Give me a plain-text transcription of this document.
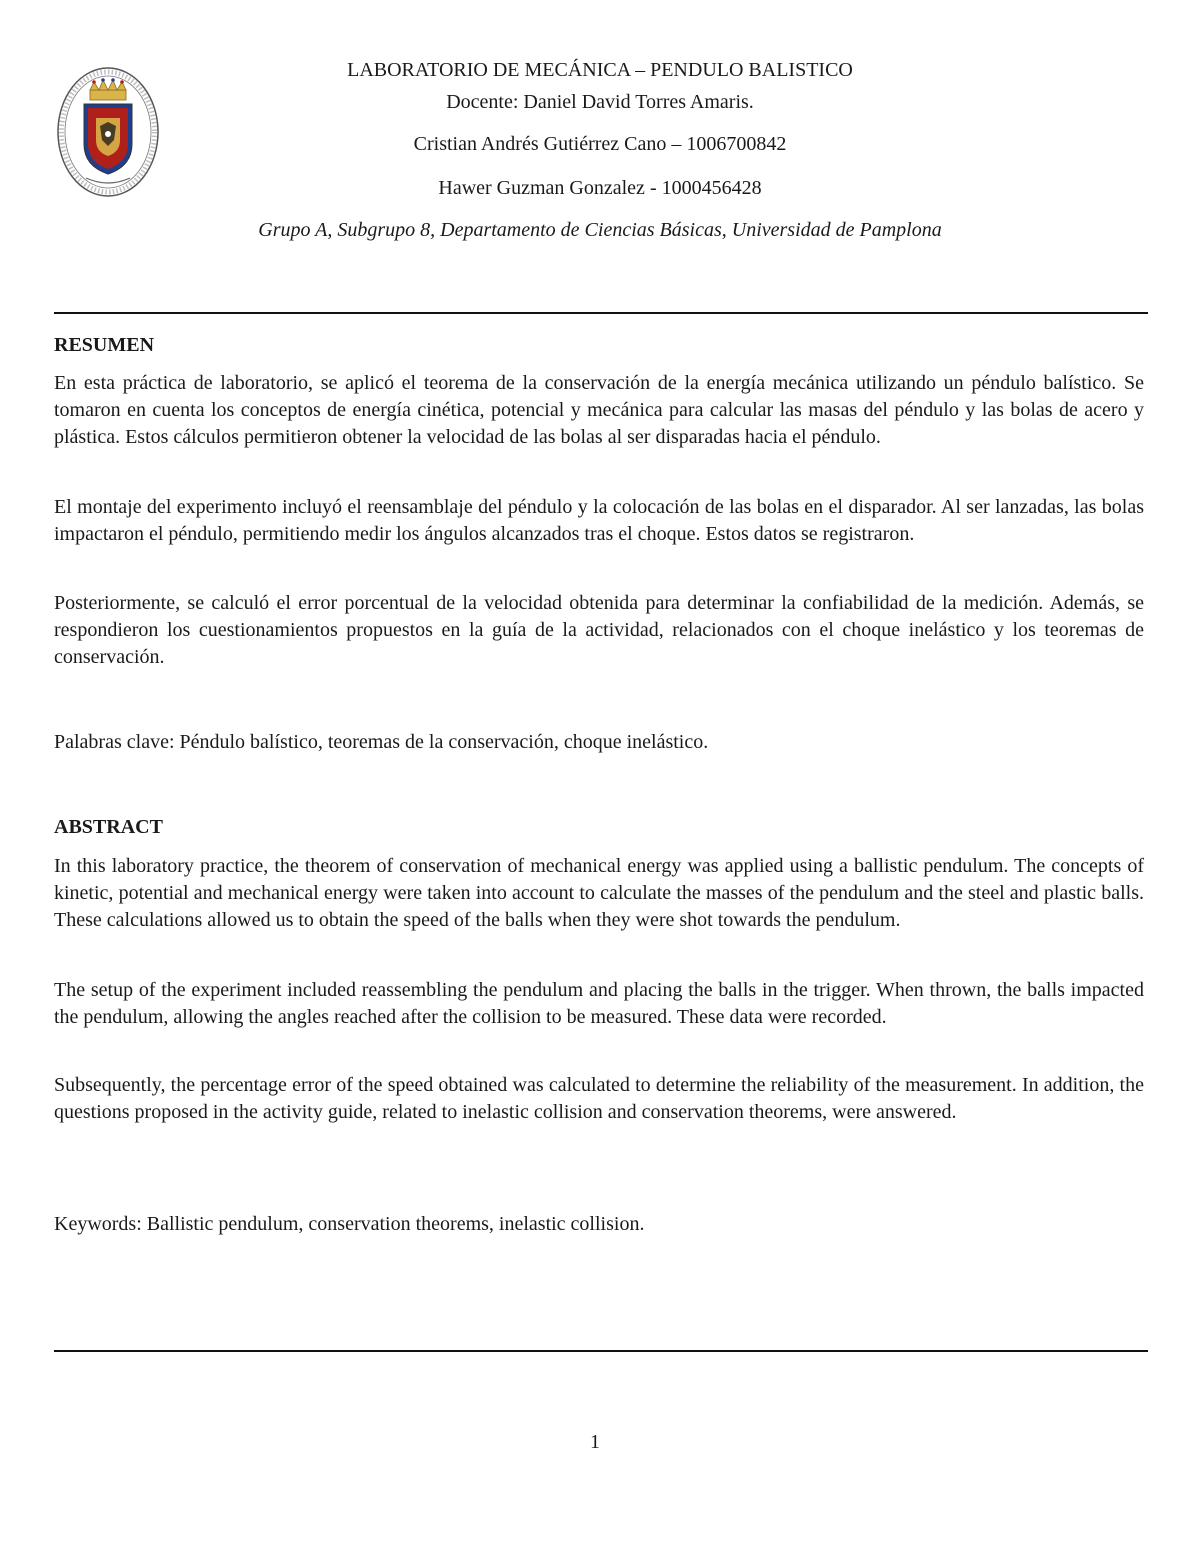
LABORATORIO DE MECÁNICA – PENDULO BALISTICO
Docente: Daniel David Torres Amaris.
Cristian Andrés Gutiérrez Cano – 1006700842
Hawer Guzman Gonzalez - 1000456428
Grupo A, Subgrupo 8, Departamento de Ciencias Básicas, Universidad de Pamplona
RESUMEN

En esta práctica de laboratorio, se aplicó el teorema de la conservación de la energía mecánica utilizando un péndulo balístico. Se tomaron en cuenta los conceptos de energía cinética, potencial y mecánica para calcular las masas del péndulo y las bolas de acero y plástica. Estos cálculos permitieron obtener la velocidad de las bolas al ser disparadas hacia el péndulo.

El montaje del experimento incluyó el reensamblaje del péndulo y la colocación de las bolas en el disparador. Al ser lanzadas, las bolas impactaron el péndulo, permitiendo medir los ángulos alcanzados tras el choque. Estos datos se registraron.

Posteriormente, se calculó el error porcentual de la velocidad obtenida para determinar la confiabilidad de la medición. Además, se respondieron los cuestionamientos propuestos en la guía de la actividad, relacionados con el choque inelástico y los teoremas de conservación.

Palabras clave: Péndulo balístico, teoremas de la conservación, choque inelástico.

ABSTRACT

In this laboratory practice, the theorem of conservation of mechanical energy was applied using a ballistic pendulum. The concepts of kinetic, potential and mechanical energy were taken into account to calculate the masses of the pendulum and the steel and plastic balls. These calculations allowed us to obtain the speed of the balls when they were shot towards the pendulum.

The setup of the experiment included reassembling the pendulum and placing the balls in the trigger. When thrown, the balls impacted the pendulum, allowing the angles reached after the collision to be measured. These data were recorded.

Subsequently, the percentage error of the speed obtained was calculated to determine the reliability of the measurement. In addition, the questions proposed in the activity guide, related to inelastic collision and conservation theorems, were answered.

Keywords: Ballistic pendulum, conservation theorems, inelastic collision.

1
